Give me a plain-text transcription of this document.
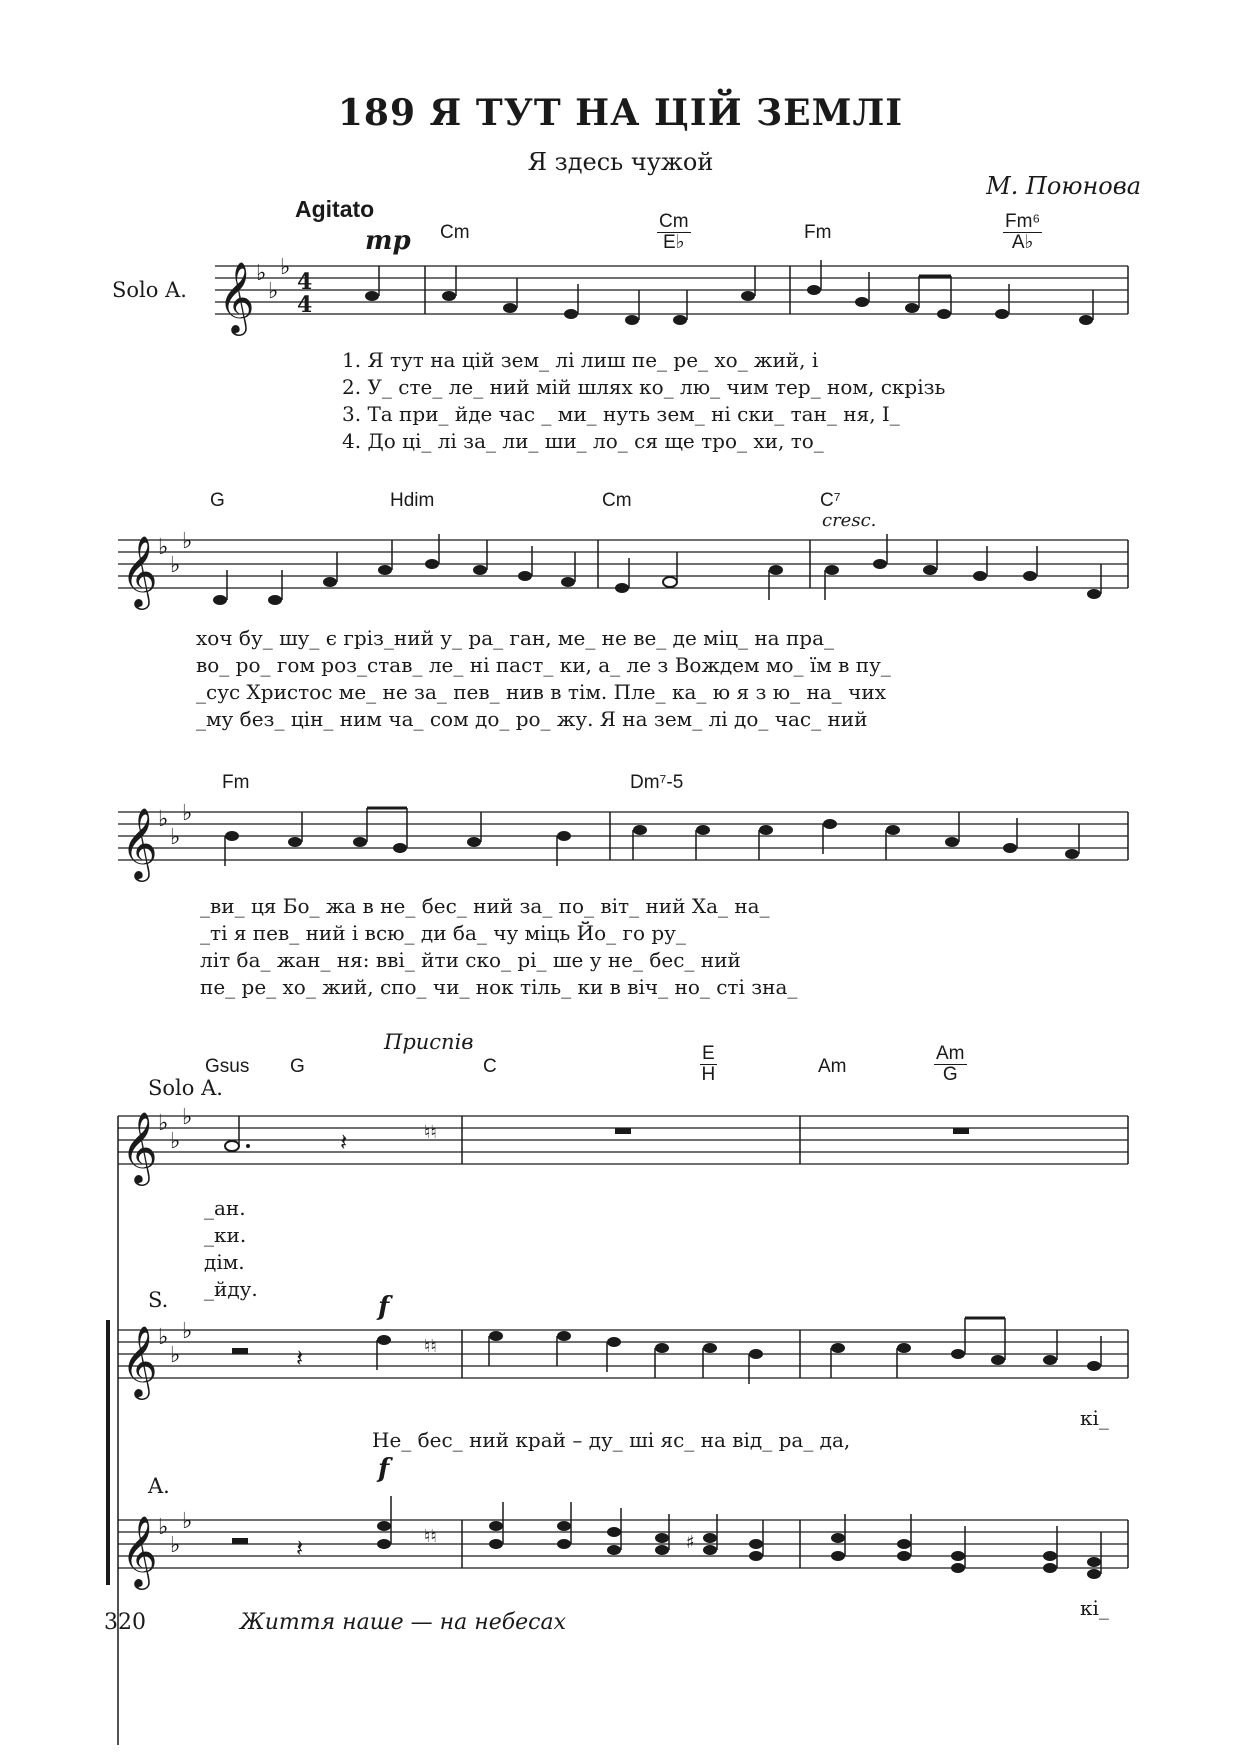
189 Я ТУТ НА ЦІЙ ЗЕМЛІ
Я здесь чужой
М. Поюнова
Agitato
mp
Solo A.
Cm	$\frac{Cm}{E♭}$	Fm	$\frac{\text{Fm⁶}}{A♭}$
𝄞 ♭
♭
♭
4
4
𝄞 ♭
♭
♭
𝄞 ♭
♭
♭
𝄞 ♭
♭
♭
𝄽	♮♮
𝄞 ♭
♭
♭
𝄽	♮♮
𝄞 ♭
♭
♭
𝄽	♮♮	♯
1. Я тут на цій зем_ лі лиш пе_ ре_ хо_ жий, і
2. У_ сте_ ле_ ний мій шлях ко_ лю_ чим тер_ ном, скрізь
3. Та при_ йде час _ ми_ нуть зем_ ні ски_ тан_ ня, І_
4. До ці_ лі за_ ли_ ши_ ло_ ся ще тро_ хи, то_
G	Hdim	Cm	C⁷
cresc.
хоч бу_ шу_ є гріз_ний у_ ра_ ган, ме_ не ве_ де міц_ на пра_
во_ ро_ гом роз_став_ ле_ ні паст_ ки, а_ ле з Вождем мо_ їм в пу_
_сус Христос ме_ не за_ пев_ нив в тім. Пле_ ка_ ю я з ю_ на_ чих
_му без_ цін_ ним ча_ сом до_ ро_ жу. Я на зем_ лі до_ час_ ний
Fm	Dm⁷-5
_ви_ ця Бо_ жа в не_ бес_ ний за_ по_ віт_ ний Ха_ на_
_ті я пев_ ний і всю_ ди ба_ чу міць Йо_ го ру_
літ ба_ жан_ ня: вві_ йти ско_ рі_ ше у не_ бес_ ний
пе_ ре_ хо_ жий, спо_ чи_ нок тіль_ ки в віч_ но_ сті зна_
Приспів
Gsus G	C	$\frac{E}{H}$	Am	$\frac{Am}{G}$
Solo A.
_ан.
_ки.
дім.
_йду.
S.	f
Не_ бес_ ний край – ду_ ші яс_ на від_ ра_ да,
кі_
A.
f
кі_
320	Життя наше — на небесах
